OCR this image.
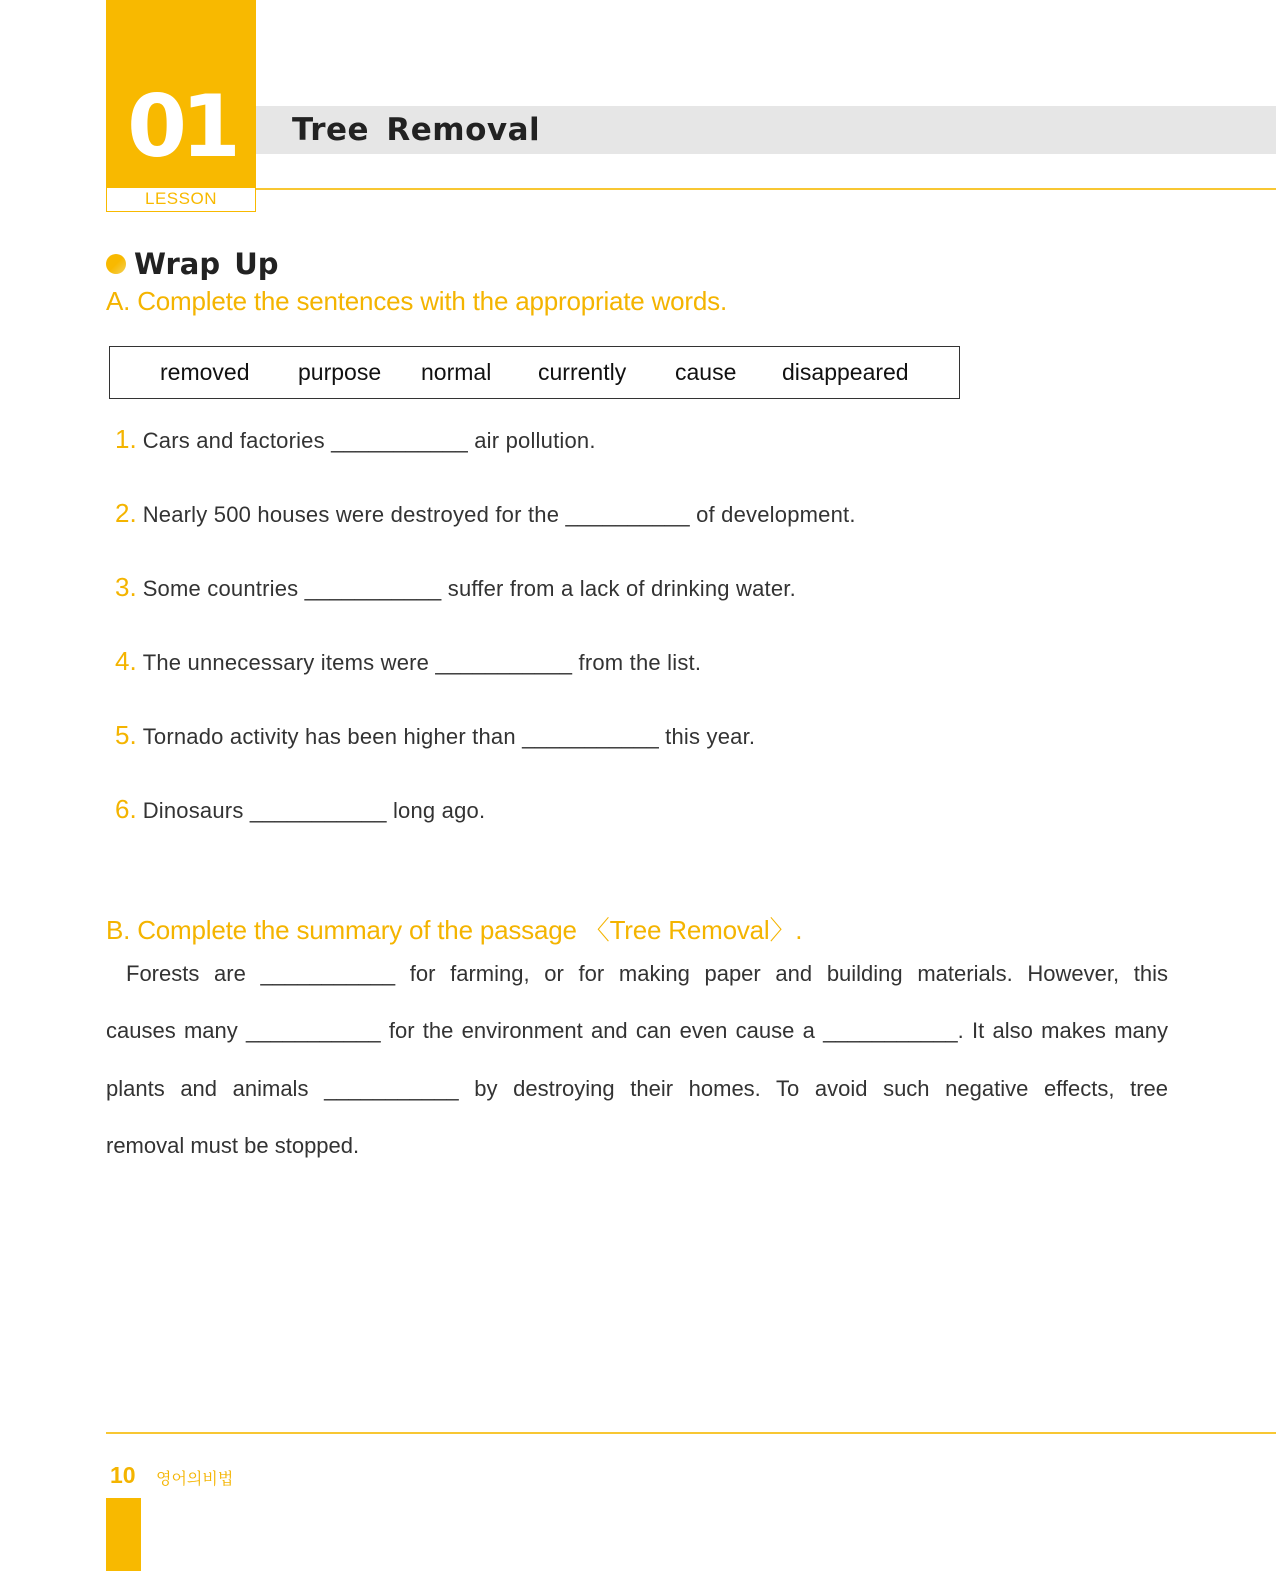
01
LESSON
Tree Removal
Wrap Up
A. Complete the sentences with the appropriate words.
removed purpose normal currently cause disappeared
1. Cars and factories ___________ air pollution.
2. Nearly 500 houses were destroyed for the __________ of development.
3. Some countries ___________ suffer from a lack of drinking water.
4. The unnecessary items were ___________ from the list.
5. Tornado activity has been higher than ___________ this year.
6. Dinosaurs ___________ long ago.
B. Complete the summary of the passage 〈Tree Removal〉.
Forests are ___________ for farming, or for making paper and building materials. However, this
causes many ___________ for the environment and can even cause a ___________. It also makes many
plants and animals ___________ by destroying their homes. To avoid such negative effects, tree
removal must be stopped.
10 영어의비법
